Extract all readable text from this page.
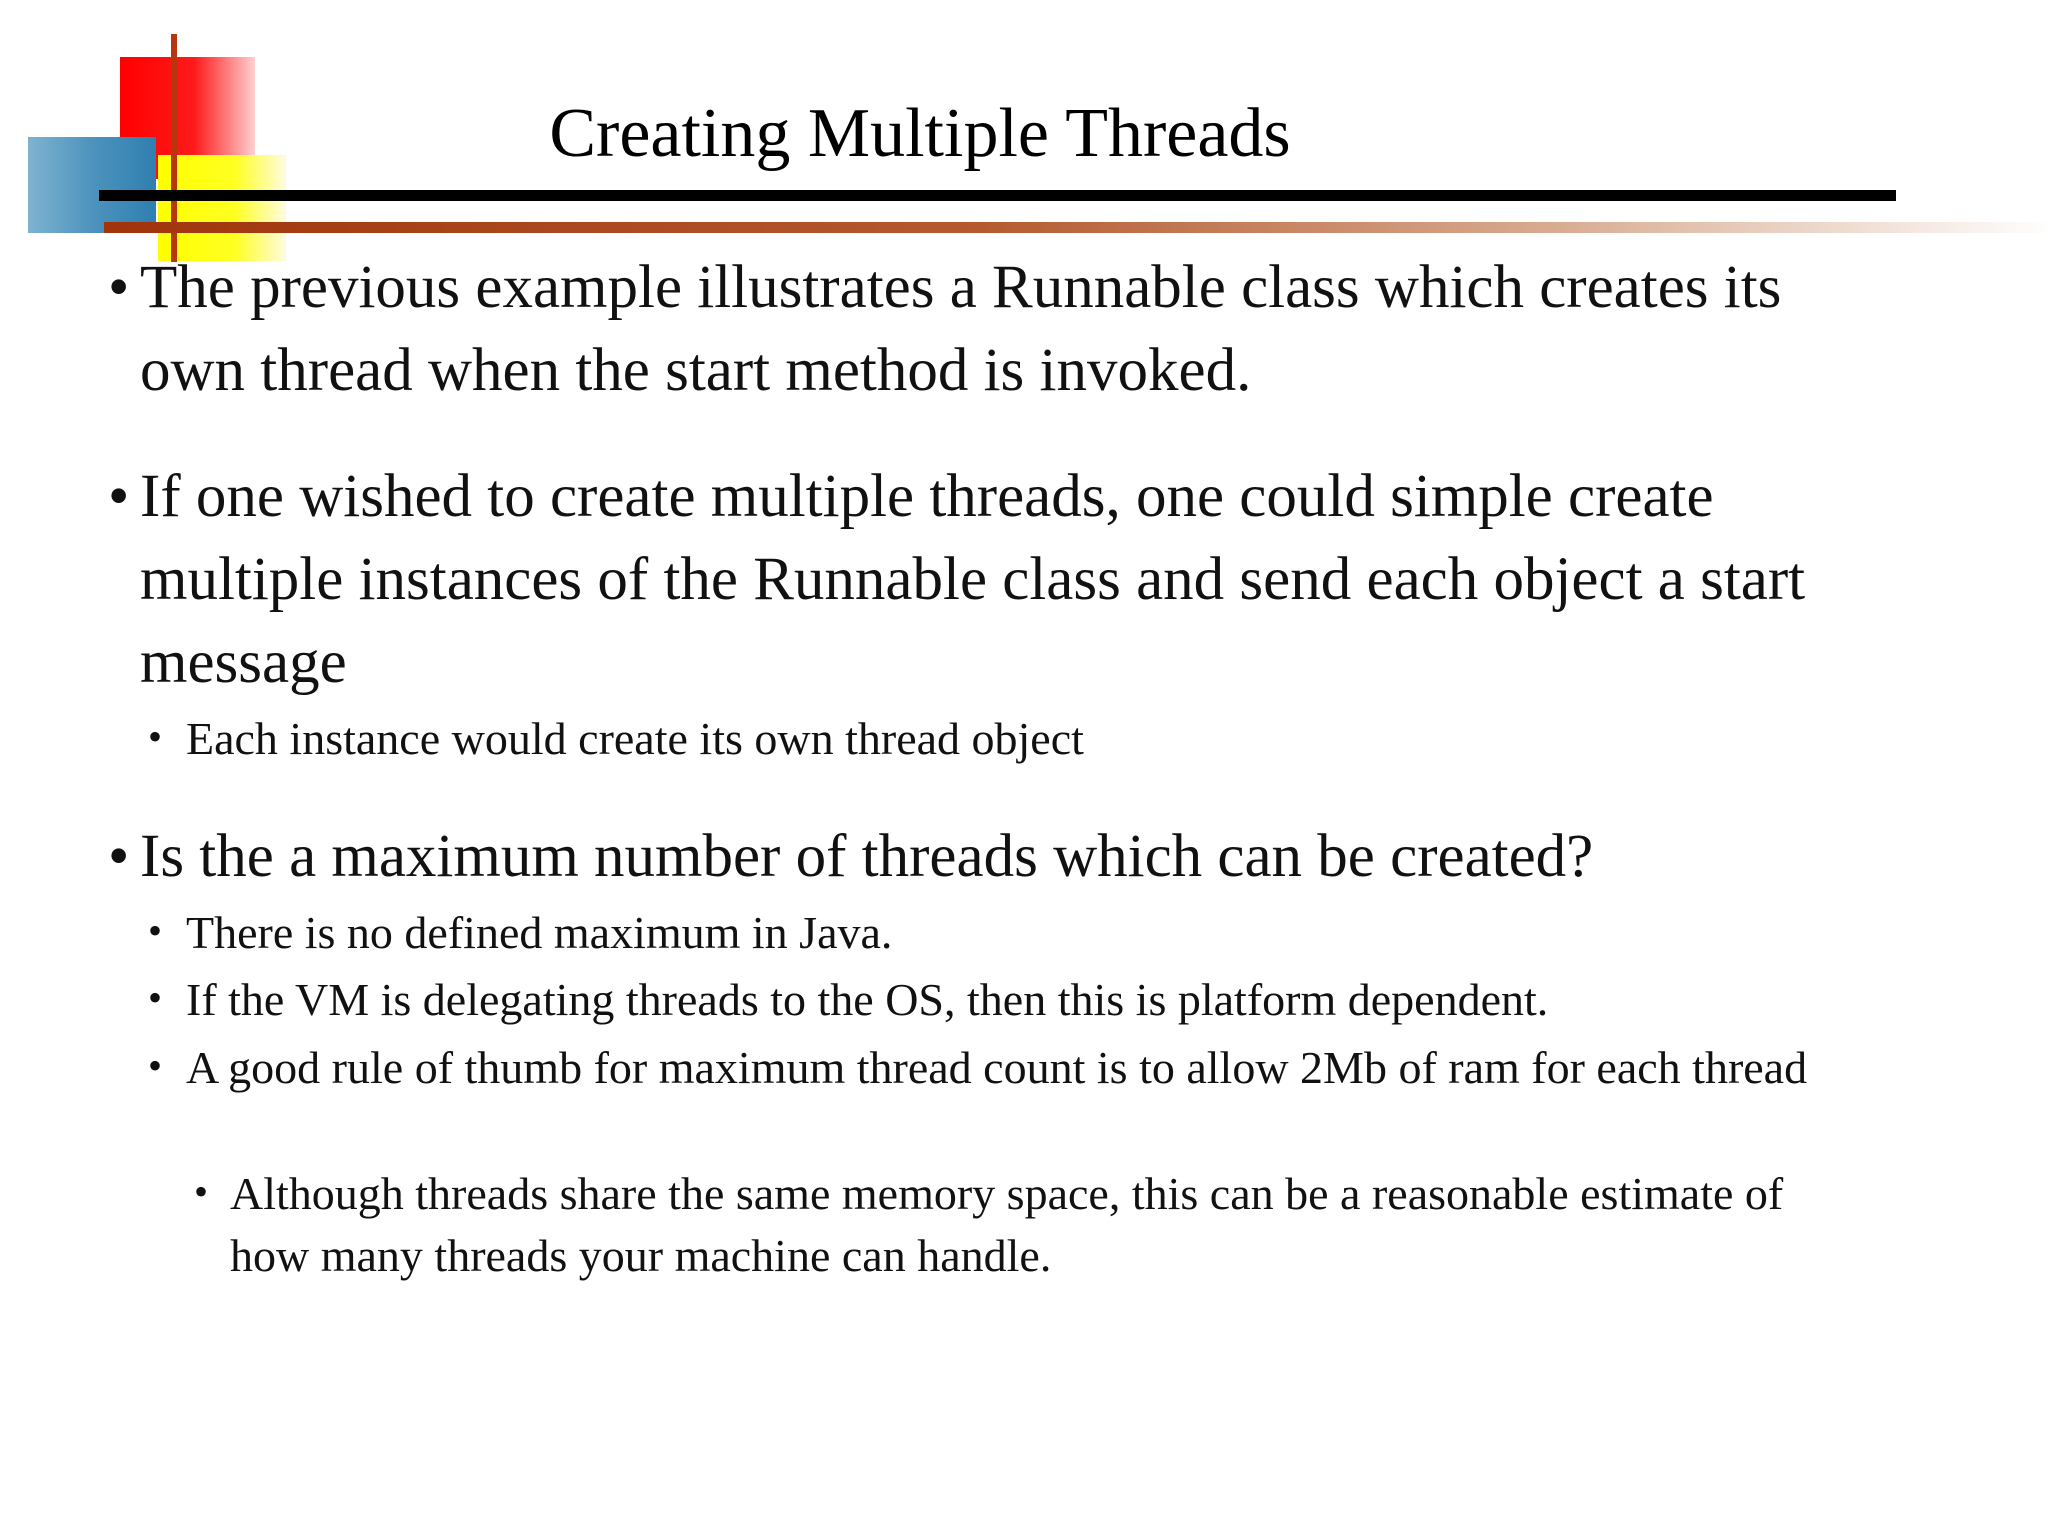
Creating Multiple Threads

• The previous example illustrates a Runnable class which creates its own thread when the start method is invoked.

• If one wished to create multiple threads, one could simple create multiple instances of the Runnable class and send each object a start message

• Each instance would create its own thread object

• Is the a maximum number of threads which can be created?

• There is no defined maximum in Java.

• If the VM is delegating threads to the OS, then this is platform dependent.

• A good rule of thumb for maximum thread count is to allow 2Mb of ram for each thread

• Although threads share the same memory space, this can be a reasonable estimate of how many threads your machine can handle.
